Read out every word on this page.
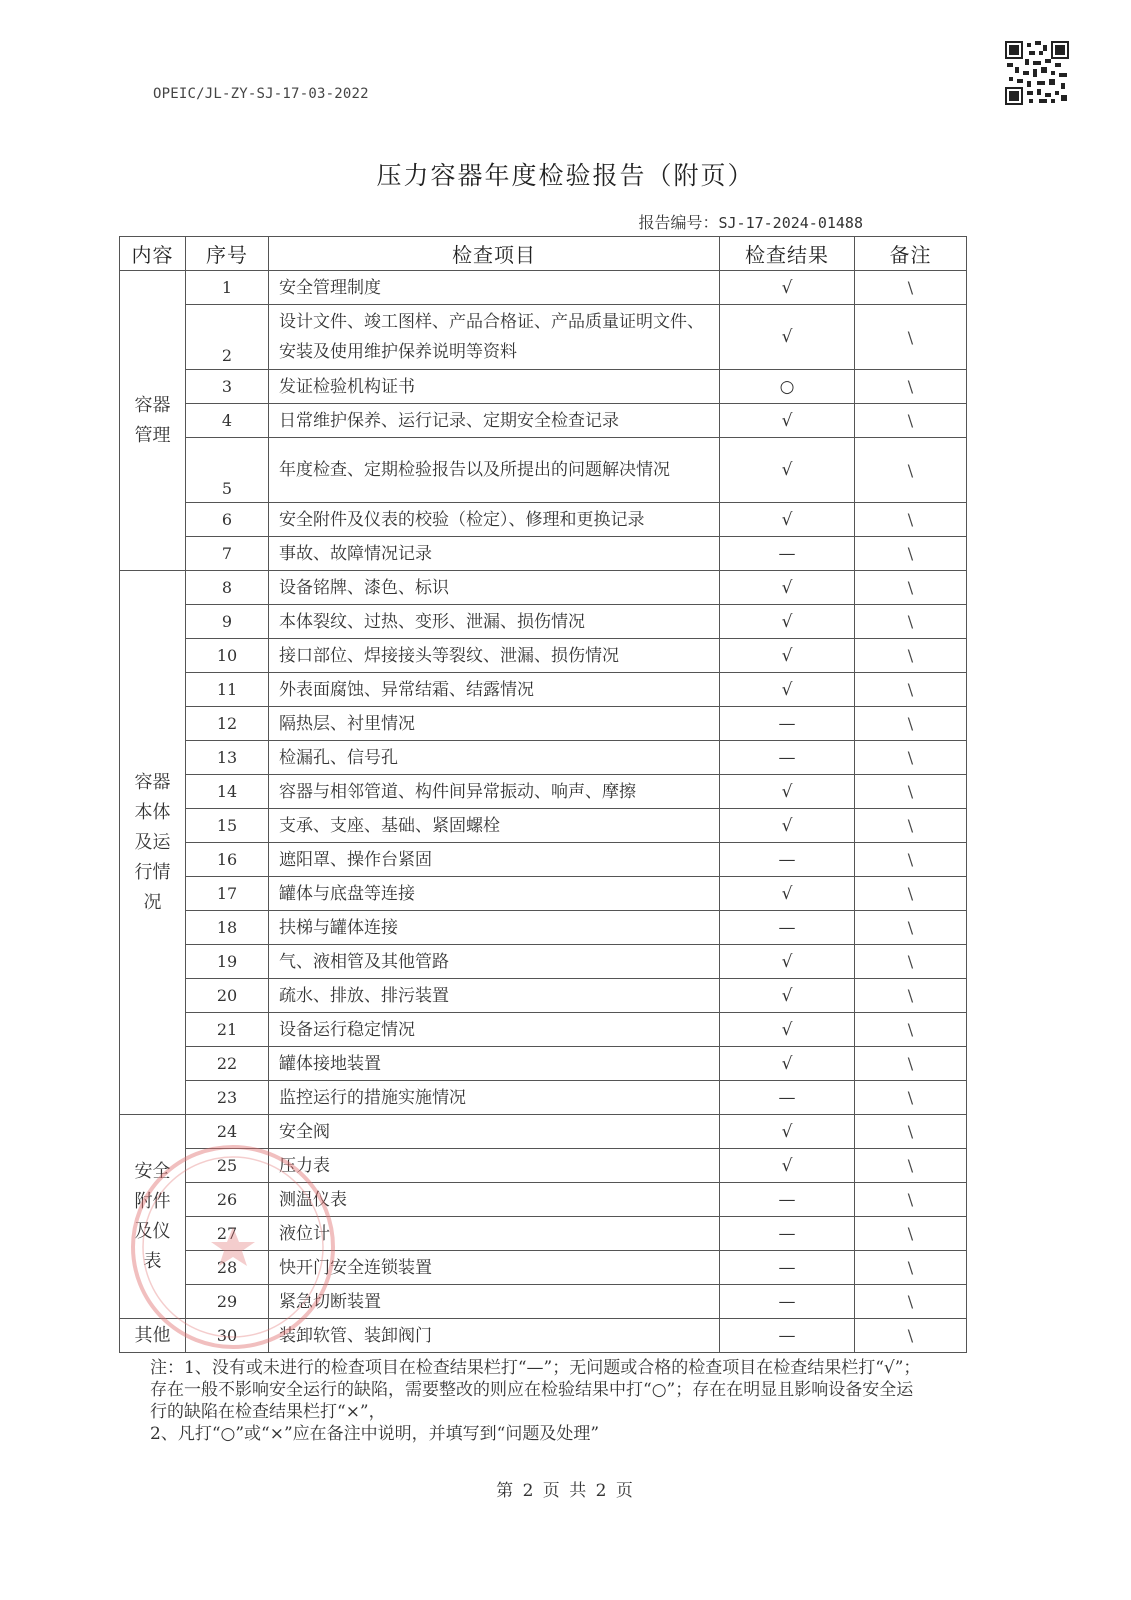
OPEIC/JL-ZY-SJ-17-03-2022
压力容器年度检验报告（附页）
报告编号：SJ-17-2024-01488
内容	序号	检查项目	检查结果	备注
容器管理	1	安全管理制度	√	\
	2	设计文件、竣工图样、产品合格证、产品质量证明文件、安装及使用维护保养说明等资料	√	\
	3	发证检验机构证书	○	\
	4	日常维护保养、运行记录、定期安全检查记录	√	\
	5	年度检查、定期检验报告以及所提出的问题解决情况	√	\
	6	安全附件及仪表的校验（检定）、修理和更换记录	√	\
	7	事故、故障情况记录	—	\
容器本体及运行情况	8	设备铭牌、漆色、标识	√	\
	9	本体裂纹、过热、变形、泄漏、损伤情况	√	\
	10	接口部位、焊接接头等裂纹、泄漏、损伤情况	√	\
	11	外表面腐蚀、异常结霜、结露情况	√	\
	12	隔热层、衬里情况	—	\
	13	检漏孔、信号孔	—	\
	14	容器与相邻管道、构件间异常振动、响声、摩擦	√	\
	15	支承、支座、基础、紧固螺栓	√	\
	16	遮阳罩、操作台紧固	—	\
	17	罐体与底盘等连接	√	\
	18	扶梯与罐体连接	—	\
	19	气、液相管及其他管路	√	\
	20	疏水、排放、排污装置	√	\
	21	设备运行稳定情况	√	\
	22	罐体接地装置	√	\
	23	监控运行的措施实施情况	—	\
安全附件及仪表	24	安全阀	√	\
	25	压力表	√	\
	26	测温仪表	—	\
	27	液位计	—	\
	28	快开门安全连锁装置	—	\
	29	紧急切断装置	—	\
其他	30	装卸软管、装卸阀门	—	\

注：1、没有或未进行的检查项目在检查结果栏打“—”；无问题或合格的检查项目在检查结果栏打“√”；存在一般不影响安全运行的缺陷，需要整改的则应在检验结果中打“○”；存在在明显且影响设备安全运行的缺陷在检查结果栏打“×”，

2、凡打“○”或“×”应在备注中说明，并填写到“问题及处理”

第 2 页 共 2 页
